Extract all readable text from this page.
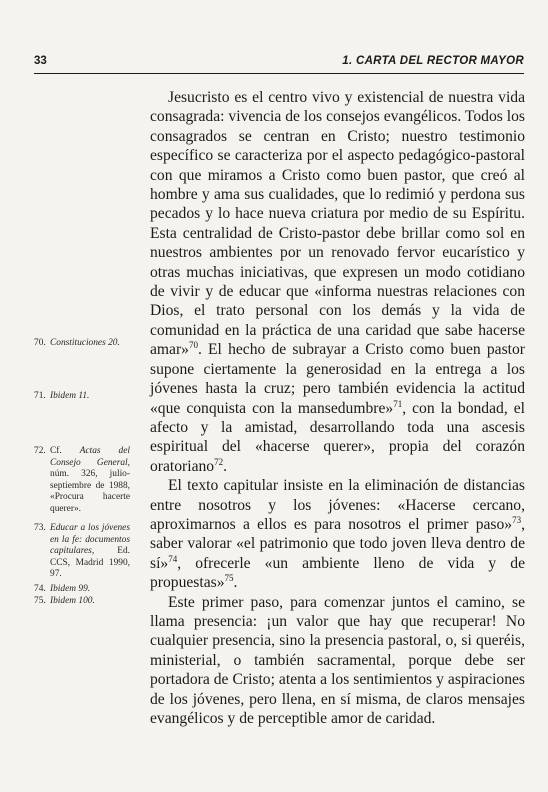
33	1. CARTA DEL RECTOR MAYOR

Jesucristo es el centro vivo y existencial de nuestra vida consagrada: vivencia de los consejos evangélicos. Todos los consagrados se centran en Cristo; nuestro testimonio específico se caracteriza por el aspecto pedagógico-pastoral con que miramos a Cristo como buen pastor, que creó al hombre y ama sus cualidades, que lo redimió y perdona sus pecados y lo hace nueva criatura por medio de su Espíritu. Esta centralidad de Cristo-pastor debe brillar como sol en nuestros ambientes por un renovado fervor eucarístico y otras muchas iniciativas, que expresen un modo cotidiano de vivir y de educar que «informa nuestras relaciones con Dios, el trato personal con los demás y la vida de comunidad en la práctica de una caridad que sabe hacerse amar»$^{70}$. El hecho de subrayar a Cristo como buen pastor supone ciertamente la generosidad en la entrega a los jóvenes hasta la cruz; pero también evidencia la actitud «que conquista con la mansedumbre»$^{71}$, con la bondad, el afecto y la amistad, desarrollando toda una ascesis espiritual del «hacerse querer», propia del corazón oratoriano$^{72}$.

El texto capitular insiste en la eliminación de distancias entre nosotros y los jóvenes: «Hacerse cercano, aproximarnos a ellos es para nosotros el primer paso»$^{73}$, saber valorar «el patrimonio que todo joven lleva dentro de sí»$^{74}$, ofrecerle «un ambiente lleno de vida y de propuestas»$^{75}$.

Este primer paso, para comenzar juntos el camino, se llama presencia: ¡un valor que hay que recuperar! No cualquier presencia, sino la presencia pastoral, o, si queréis, ministerial, o también sacramental, porque debe ser portadora de Cristo; atenta a los sentimientos y aspiraciones de los jóvenes, pero llena, en sí misma, de claros mensajes evangélicos y de perceptible amor de caridad.

70. Constituciones 20.
71. Ibidem 11.
72. Cf. Actas del Consejo General, núm. 326, julio-septiembre de 1988, «Procura hacerte querer».
73. Educar a los jóvenes en la fe: documentos capitulares, Ed. CCS, Madrid 1990, 97.
74. Ibidem 99.
75. Ibidem 100.
